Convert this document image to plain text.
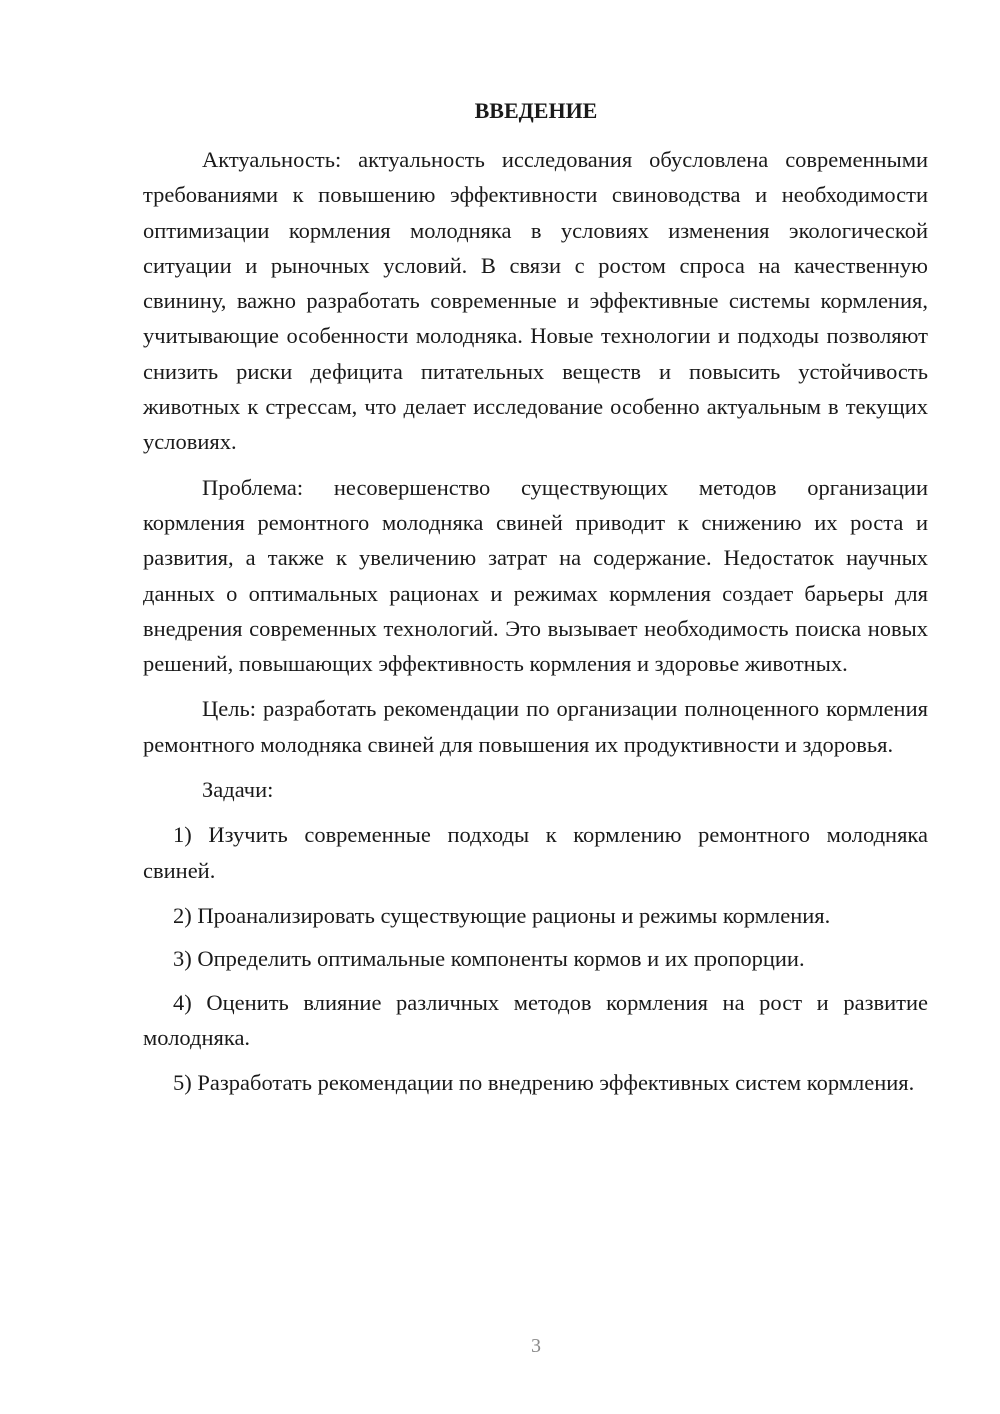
ВВЕДЕНИЕ

Актуальность: актуальность исследования обусловлена современными требованиями к повышению эффективности свиноводства и необходимости оптимизации кормления молодняка в условиях изменения экологической ситуации и рыночных условий. В связи с ростом спроса на качественную свинину, важно разработать современные и эффективные системы кормления, учитывающие особенности молодняка. Новые технологии и подходы позволяют снизить риски дефицита питательных веществ и повысить устойчивость животных к стрессам, что делает исследование особенно актуальным в текущих условиях.

Проблема: несовершенство существующих методов организации кормления ремонтного молодняка свиней приводит к снижению их роста и развития, а также к увеличению затрат на содержание. Недостаток научных данных о оптимальных рационах и режимах кормления создает барьеры для внедрения современных технологий. Это вызывает необходимость поиска новых решений, повышающих эффективность кормления и здоровье животных.

Цель: разработать рекомендации по организации полноценного кормления ремонтного молодняка свиней для повышения их продуктивности и здоровья.

Задачи:

1) Изучить современные подходы к кормлению ремонтного молодняка свиней.

2) Проанализировать существующие рационы и режимы кормления.

3) Определить оптимальные компоненты кормов и их пропорции.

4) Оценить влияние различных методов кормления на рост и развитие молодняка.

5) Разработать рекомендации по внедрению эффективных систем кормления.

3
